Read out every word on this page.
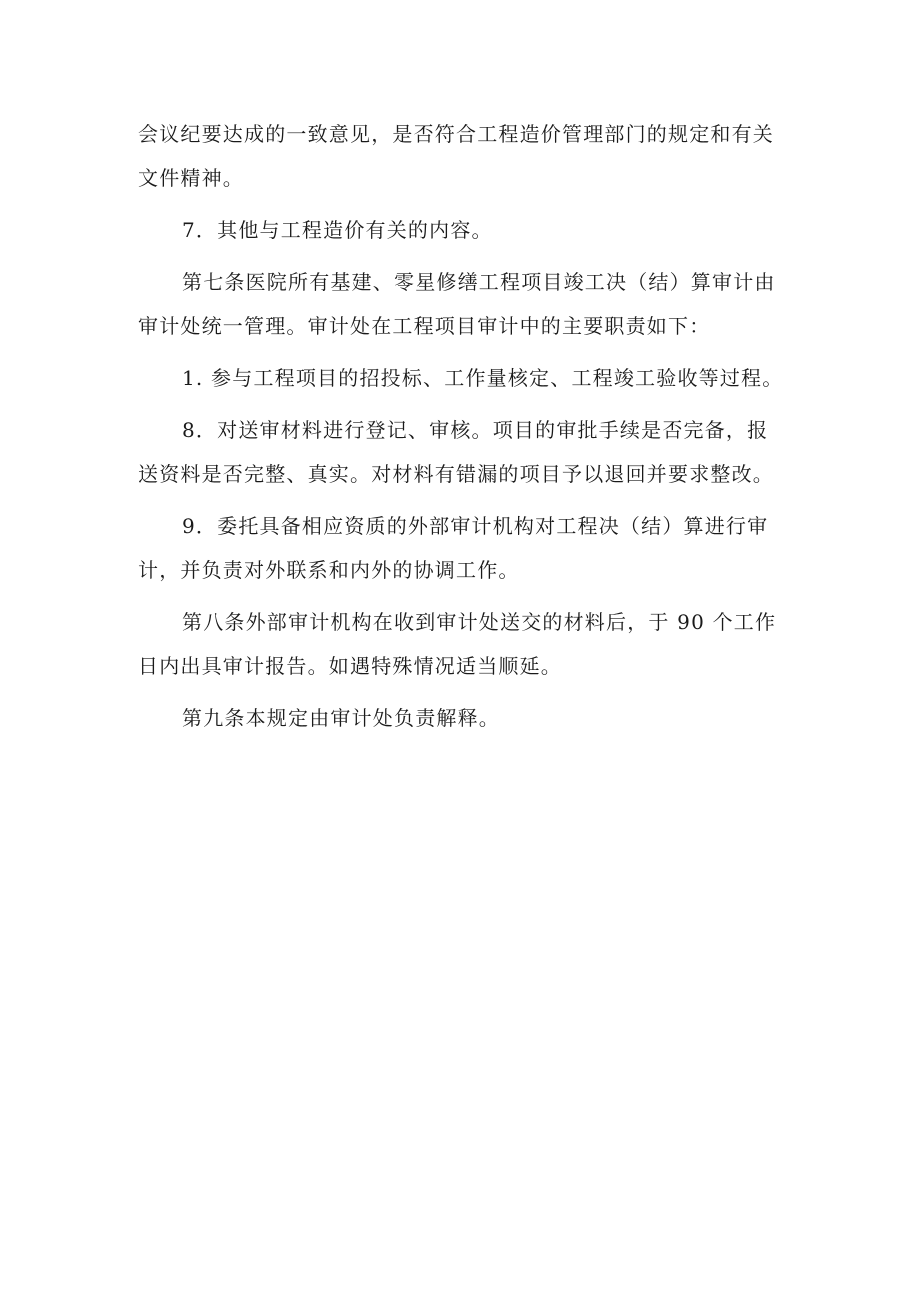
会议纪要达成的一致意见，是否符合工程造价管理部门的规定和有关
文件精神。
7．其他与工程造价有关的内容。
第七条医院所有基建、零星修缮工程项目竣工决（结）算审计由
审计处统一管理。审计处在工程项目审计中的主要职责如下：
1. 参与工程项目的招投标、工作量核定、工程竣工验收等过程。
8．对送审材料进行登记、审核。项目的审批手续是否完备，报
送资料是否完整、真实。对材料有错漏的项目予以退回并要求整改。
9．委托具备相应资质的外部审计机构对工程决（结）算进行审
计，并负责对外联系和内外的协调工作。
第八条外部审计机构在收到审计处送交的材料后，于 90 个工作
日内出具审计报告。如遇特殊情况适当顺延。
第九条本规定由审计处负责解释。
